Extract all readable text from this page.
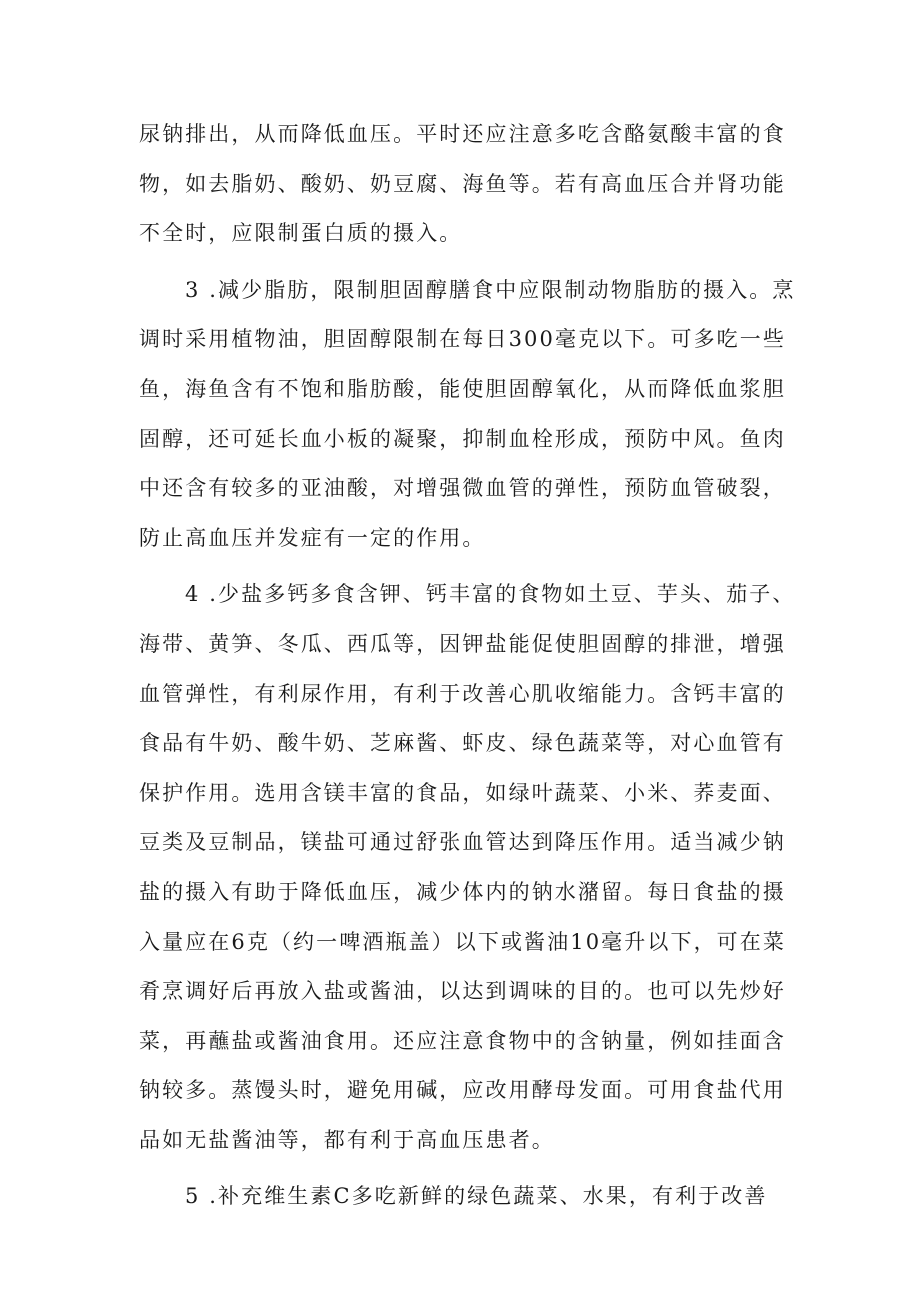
尿钠排出，从而降低血压。平时还应注意多吃含酪氨酸丰富的食
物，如去脂奶、酸奶、奶豆腐、海鱼等。若有高血压合并肾功能
不全时，应限制蛋白质的摄入。
3 .减少脂肪，限制胆固醇膳食中应限制动物脂肪的摄入。烹
调时采用植物油，胆固醇限制在每日300毫克以下。可多吃一些
鱼，海鱼含有不饱和脂肪酸，能使胆固醇氧化，从而降低血浆胆
固醇，还可延长血小板的凝聚，抑制血栓形成，预防中风。鱼肉
中还含有较多的亚油酸，对增强微血管的弹性，预防血管破裂，
防止高血压并发症有一定的作用。
4 .少盐多钙多食含钾、钙丰富的食物如土豆、芋头、茄子、
海带、黄笋、冬瓜、西瓜等，因钾盐能促使胆固醇的排泄，增强
血管弹性，有利尿作用，有利于改善心肌收缩能力。含钙丰富的
食品有牛奶、酸牛奶、芝麻酱、虾皮、绿色蔬菜等，对心血管有
保护作用。选用含镁丰富的食品，如绿叶蔬菜、小米、荞麦面、
豆类及豆制品，镁盐可通过舒张血管达到降压作用。适当减少钠
盐的摄入有助于降低血压，减少体内的钠水潴留。每日食盐的摄
入量应在6克（约一啤酒瓶盖）以下或酱油10毫升以下，可在菜
肴烹调好后再放入盐或酱油，以达到调味的目的。也可以先炒好
菜，再蘸盐或酱油食用。还应注意食物中的含钠量，例如挂面含
钠较多。蒸馒头时，避免用碱，应改用酵母发面。可用食盐代用
品如无盐酱油等，都有利于高血压患者。
5 .补充维生素C多吃新鲜的绿色蔬菜、水果，有利于改善
